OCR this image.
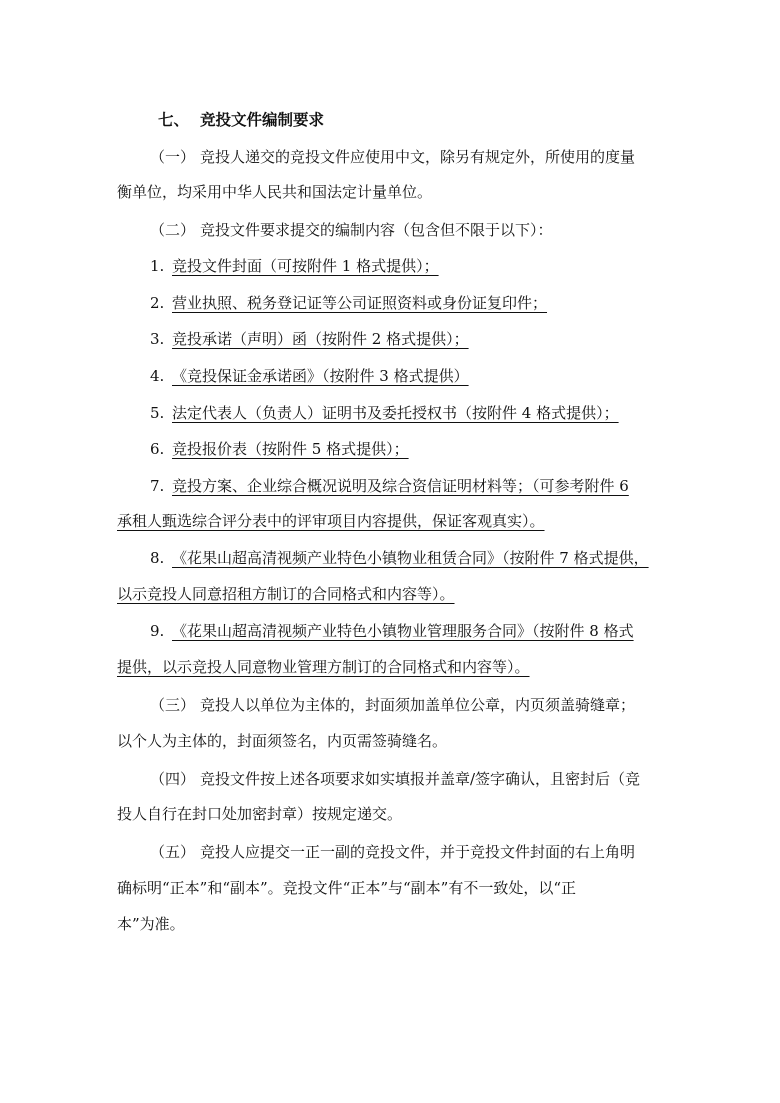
七、 竞投文件编制要求
（一） 竞投人递交的竞投文件应使用中文，除另有规定外，所使用的度量
衡单位，均采用中华人民共和国法定计量单位。
（二） 竞投文件要求提交的编制内容（包含但不限于以下）：
1. 竞投文件封面（可按附件 1 格式提供）；
2. 营业执照、税务登记证等公司证照资料或身份证复印件；
3. 竞投承诺（声明）函（按附件 2 格式提供）；
4. 《竞投保证金承诺函》（按附件 3 格式提供）
5. 法定代表人（负责人）证明书及委托授权书（按附件 4 格式提供）；
6. 竞投报价表（按附件 5 格式提供）；
7. 竞投方案、企业综合概况说明及综合资信证明材料等；（可参考附件 6
承租人甄选综合评分表中的评审项目内容提供，保证客观真实）。
8. 《花果山超高清视频产业特色小镇物业租赁合同》（按附件 7 格式提供，
以示竞投人同意招租方制订的合同格式和内容等）。
9. 《花果山超高清视频产业特色小镇物业管理服务合同》（按附件 8 格式
提供，以示竞投人同意物业管理方制订的合同格式和内容等）。
（三） 竞投人以单位为主体的，封面须加盖单位公章，内页须盖骑缝章；
以个人为主体的，封面须签名，内页需签骑缝名。
（四） 竞投文件按上述各项要求如实填报并盖章/签字确认，且密封后（竞
投人自行在封口处加密封章）按规定递交。
（五） 竞投人应提交一正一副的竞投文件，并于竞投文件封面的右上角明
确标明“正本”和“副本”。竞投文件“正本”与“副本”有不一致处，以“正
本”为准。
